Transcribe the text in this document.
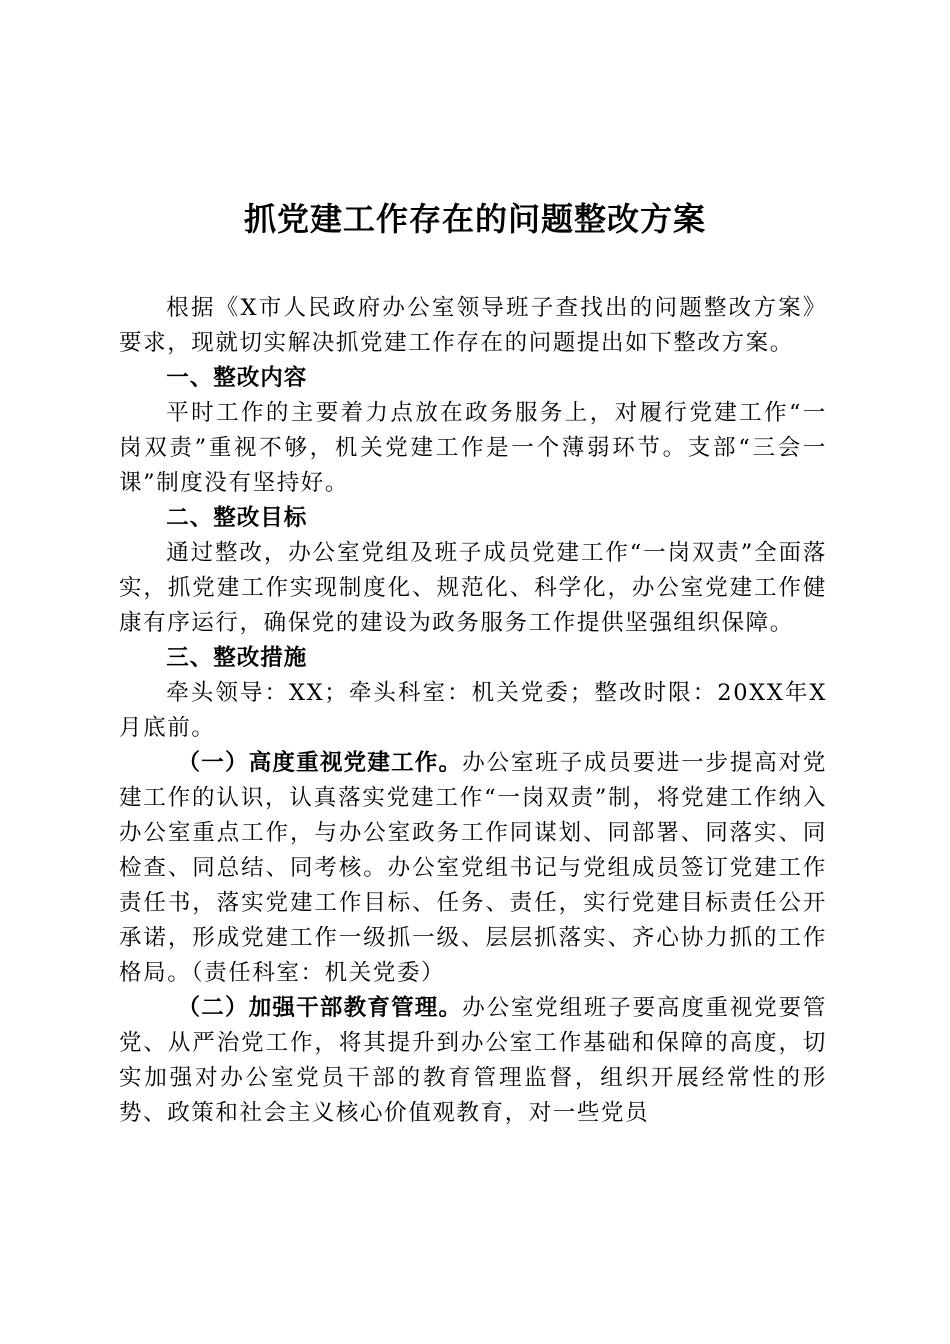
抓党建工作存在的问题整改方案

根据《X市人民政府办公室领导班子查找出的问题整改方案》要求，现就切实解决抓党建工作存在的问题提出如下整改方案。

一、整改内容

平时工作的主要着力点放在政务服务上，对履行党建工作“一岗双责”重视不够，机关党建工作是一个薄弱环节。支部“三会一课”制度没有坚持好。

二、整改目标

通过整改，办公室党组及班子成员党建工作“一岗双责”全面落实，抓党建工作实现制度化、规范化、科学化，办公室党建工作健康有序运行，确保党的建设为政务服务工作提供坚强组织保障。

三、整改措施

牵头领导：XX；牵头科室：机关党委；整改时限：20XX年X月底前。

（一）高度重视党建工作。办公室班子成员要进一步提高对党建工作的认识，认真落实党建工作“一岗双责”制，将党建工作纳入办公室重点工作，与办公室政务工作同谋划、同部署、同落实、同检查、同总结、同考核。办公室党组书记与党组成员签订党建工作责任书，落实党建工作目标、任务、责任，实行党建目标责任公开承诺，形成党建工作一级抓一级、层层抓落实、齐心协力抓的工作格局。（责任科室：机关党委）

（二）加强干部教育管理。办公室党组班子要高度重视党要管党、从严治党工作，将其提升到办公室工作基础和保障的高度，切实加强对办公室党员干部的教育管理监督，组织开展经常性的形势、政策和社会主义核心价值观教育，对一些党员
